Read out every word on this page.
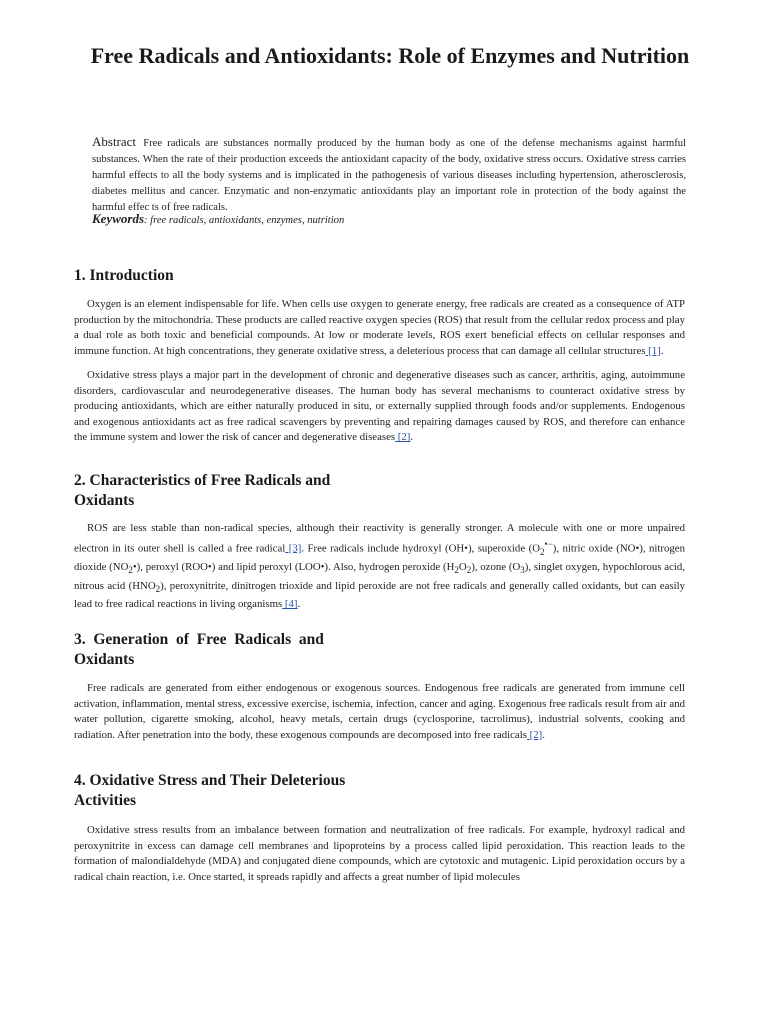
Free Radicals and Antioxidants: Role of Enzymes and Nutrition
Abstract Free radicals are substances normally produced by the human body as one of the defense mechanisms against harmful substances. When the rate of their production exceeds the antioxidant capacity of the body, oxidative stress occurs. Oxidative stress carries harmful effects to all the body systems and is implicated in the pathogenesis of various diseases including hypertension, atherosclerosis, diabetes mellitus and cancer. Enzymatic and non-enzymatic antioxidants play an important role in protection of the body against the harmful effec ts of free radicals.
Keywords: free radicals, antioxidants, enzymes, nutrition
1. Introduction

Oxygen is an element indispensable for life. When cells use oxygen to generate energy, free radicals are created as a consequence of ATP production by the mitochondria. These products are called reactive oxygen species (ROS) that result from the cellular redox process and play a dual role as both toxic and beneficial compounds. At low or moderate levels, ROS exert beneficial effects on cellular responses and immune function. At high concentrations, they generate oxidative stress, a deleterious process that can damage all cellular structures [1].

Oxidative stress plays a major part in the development of chronic and degenerative diseases such as cancer, arthritis, aging, autoimmune disorders, cardiovascular and neurodegenerative diseases. The human body has several mechanisms to counteract oxidative stress by producing antioxidants, which are either naturally produced in situ, or externally supplied through foods and/or supplements. Endogenous and exogenous antioxidants act as free radical scavengers by preventing and repairing damages caused by ROS, and therefore can enhance the immune system and lower the risk of cancer and degenerative diseases [2].

2. Characteristics of Free Radicals and
Oxidants

ROS are less stable than non-radical species, although their reactivity is generally stronger. A molecule with one or more unpaired electron in its outer shell is called a free radical [3]. Free radicals include hydroxyl (OH•), superoxide $(O_2^{•-})$, nitric oxide (NO•), nitrogen dioxide $(NO_2•)$, peroxyl (ROO•) and lipid peroxyl (LOO•). Also, hydrogen peroxide $(H_2O_2)$, ozone $(O_3)$, singlet oxygen, hypochlorous acid, nitrous acid $(HNO_2)$, peroxynitrite, dinitrogen trioxide and lipid peroxide are not free radicals and generally called oxidants, but can easily lead to free radical reactions in living organisms [4].

3.  Generation  of  Free  Radicals  and
Oxidants

Free radicals are generated from either endogenous or exogenous sources. Endogenous free radicals are generated from immune cell activation, inflammation, mental stress, excessive exercise, ischemia, infection, cancer and aging. Exogenous free radicals result from air and water pollution, cigarette smoking, alcohol, heavy metals, certain drugs (cyclosporine, tacrolimus), industrial solvents, cooking and radiation. After penetration into the body, these exogenous compounds are decomposed into free radicals [2].

4. Oxidative Stress and Their Deleterious
Activities

Oxidative stress results from an imbalance between formation and neutralization of free radicals. For example, hydroxyl radical and peroxynitrite in excess can damage cell membranes and lipoproteins by a process called lipid peroxidation. This reaction leads to the formation of malondialdehyde (MDA) and conjugated diene compounds, which are cytotoxic and mutagenic. Lipid peroxidation occurs by a radical chain reaction, i.e. Once started, it spreads rapidly and affects a great number of lipid molecules
